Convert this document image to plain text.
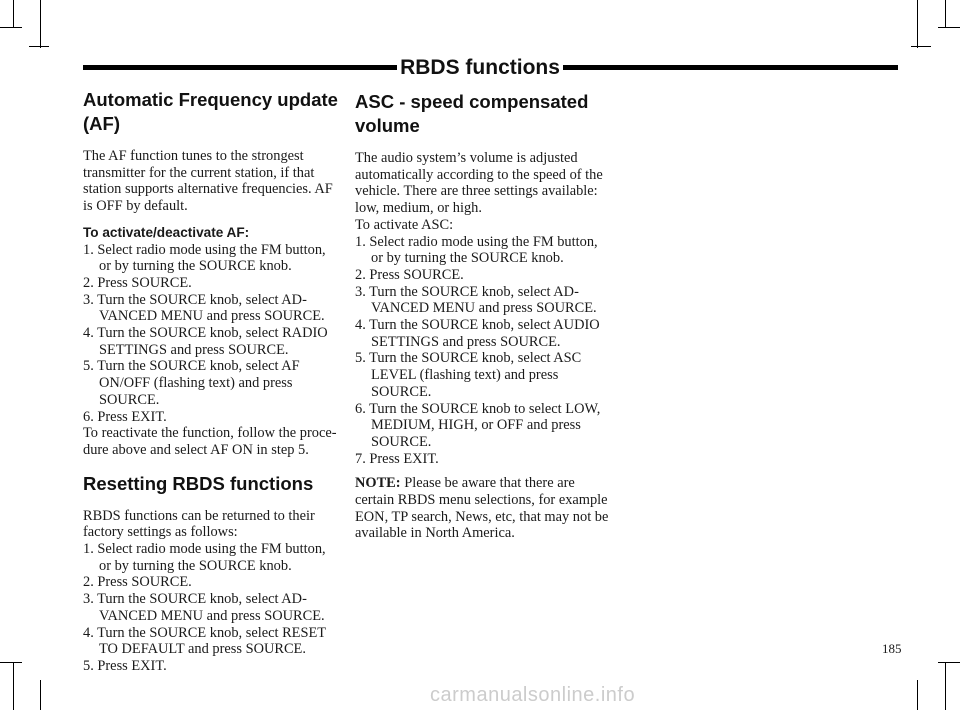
RBDS functions
Automatic Frequency update (AF)

The AF function tunes to the strongest transmitter for the current station, if that station supports alternative frequencies. AF is OFF by default.

To activate/deactivate AF:

1. Select radio mode using the FM button, or by turning the SOURCE knob.
2. Press SOURCE.
3. Turn the SOURCE knob, select AD-VANCED MENU and press SOURCE.
4. Turn the SOURCE knob, select RADIO SETTINGS and press SOURCE.
5. Turn the SOURCE knob, select AF ON/OFF (flashing text) and press SOURCE.
6. Press EXIT.

To reactivate the function, follow the proce-dure above and select AF ON in step 5.

Resetting RBDS functions

RBDS functions can be returned to their factory settings as follows:

1. Select radio mode using the FM button, or by turning the SOURCE knob.
2. Press SOURCE.
3. Turn the SOURCE knob, select AD-VANCED MENU and press SOURCE.
4. Turn the SOURCE knob, select RESET TO DEFAULT and press SOURCE.
5. Press EXIT.
ASC - speed compensated volume

The audio system’s volume is adjusted automatically according to the speed of the vehicle. There are three settings available: low, medium, or high.

To activate ASC:

1. Select radio mode using the FM button, or by turning the SOURCE knob.
2. Press SOURCE.
3. Turn the SOURCE knob, select AD-VANCED MENU and press SOURCE.
4. Turn the SOURCE knob, select AUDIO SETTINGS and press SOURCE.
5. Turn the SOURCE knob, select ASC LEVEL (flashing text) and press SOURCE.
6. Turn the SOURCE knob to select LOW, MEDIUM, HIGH, or OFF and press SOURCE.
7. Press EXIT.

NOTE: Please be aware that there are certain RBDS menu selections, for example EON, TP search, News, etc, that may not be available in North America.

185
carmanualsonline.info
